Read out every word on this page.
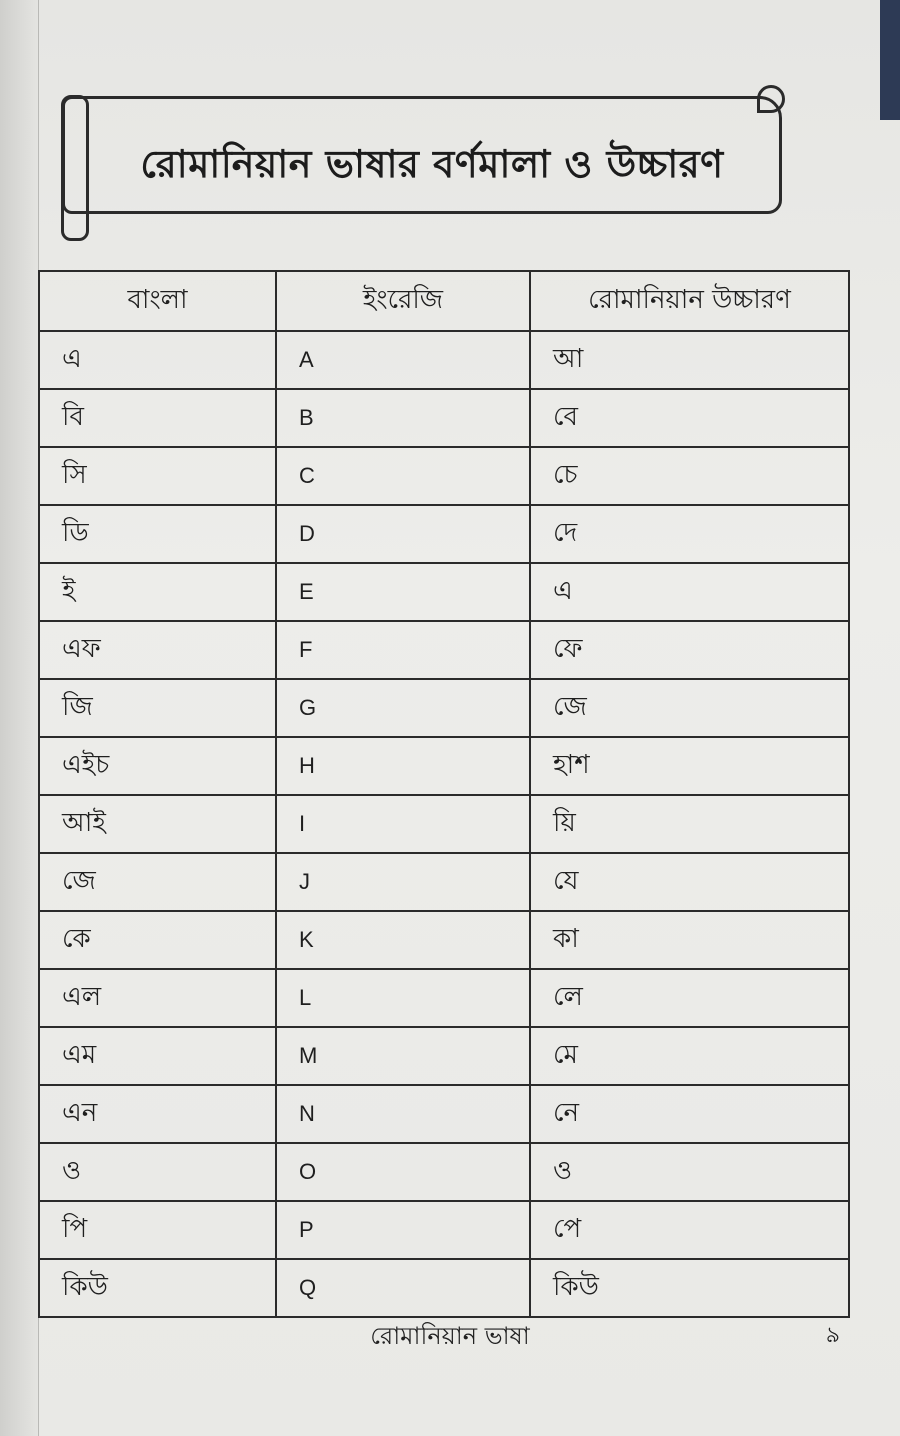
রোমানিয়ান ভাষার বর্ণমালা ও উচ্চারণ
বাংলা	ইংরেজি	রোমানিয়ান উচ্চারণ
এ	A	আ
বি	B	বে
সি	C	চে
ডি	D	দে
ই	E	এ
এফ	F	ফে
জি	G	জে
এইচ	H	হাশ
আই	I	য়ি
জে	J	যে
কে	K	কা
এল	L	লে
এম	M	মে
এন	N	নে
ও	O	ও
পি	P	পে
কিউ	Q	কিউ
রোমানিয়ান ভাষা	৯
